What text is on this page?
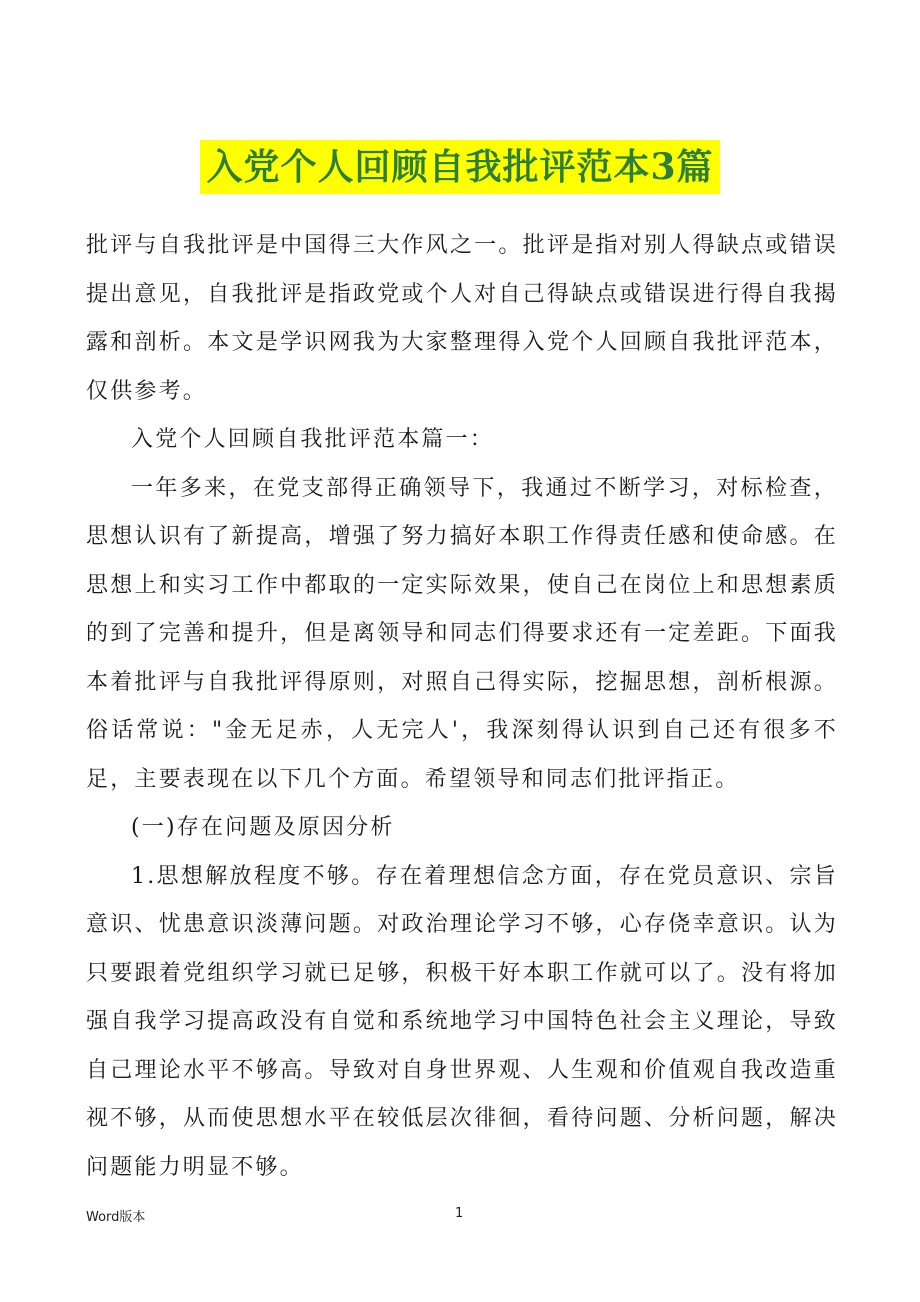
入党个人回顾自我批评范本3篇

批评与自我批评是中国得三大作风之一。批评是指对别人得缺点或错误提出意见，自我批评是指政党或个人对自己得缺点或错误进行得自我揭露和剖析。本文是学识网我为大家整理得入党个人回顾自我批评范本，仅供参考。

入党个人回顾自我批评范本篇一：

一年多来，在党支部得正确领导下，我通过不断学习，对标检查，思想认识有了新提高，增强了努力搞好本职工作得责任感和使命感。在思想上和实习工作中都取的一定实际效果，使自己在岗位上和思想素质的到了完善和提升，但是离领导和同志们得要求还有一定差距。下面我本着批评与自我批评得原则，对照自己得实际，挖掘思想，剖析根源。俗话常说："金无足赤，人无完人'，我深刻得认识到自己还有很多不足，主要表现在以下几个方面。希望领导和同志们批评指正。

(一)存在问题及原因分析

1.思想解放程度不够。存在着理想信念方面，存在党员意识、宗旨意识、忧患意识淡薄问题。对政治理论学习不够，心存侥幸意识。认为只要跟着党组织学习就已足够，积极干好本职工作就可以了。没有将加强自我学习提高政没有自觉和系统地学习中国特色社会主义理论，导致自己理论水平不够高。导致对自身世界观、人生观和价值观自我改造重视不够，从而使思想水平在较低层次徘徊，看待问题、分析问题，解决问题能力明显不够。

Word版本	1
